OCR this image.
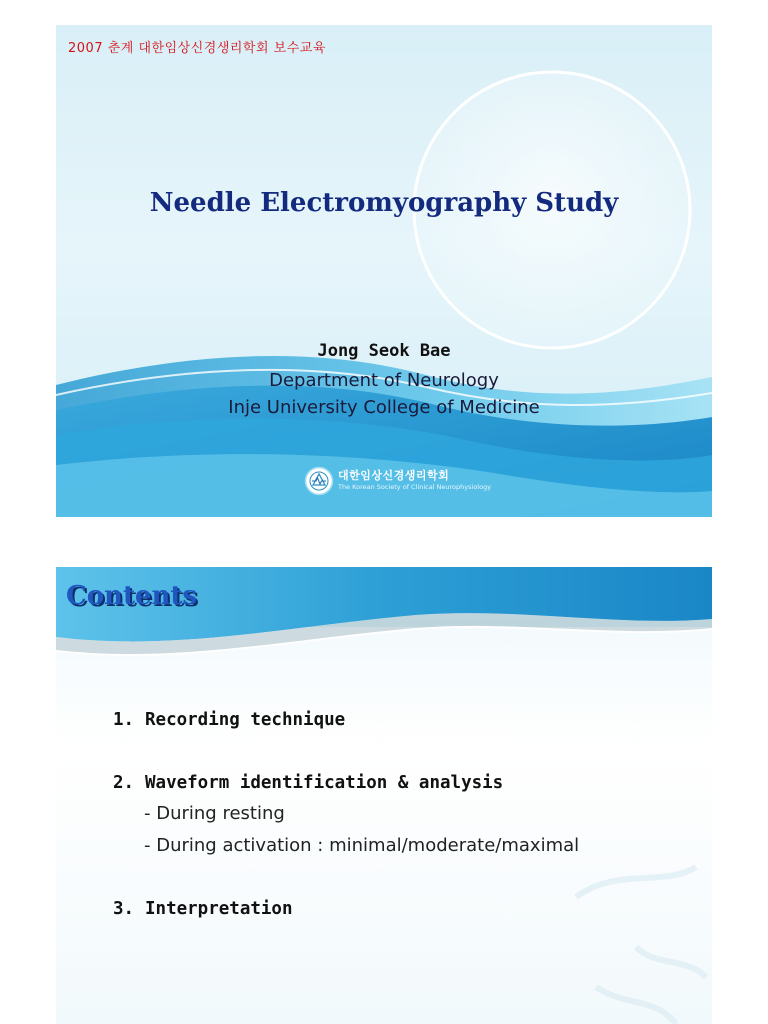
2007 춘계 대한임상신경생리학회 보수교육
Needle Electromyography Study
Jong Seok Bae
Department of Neurology
Inje University College of Medicine
대한임상신경생리학회
The Korean Society of Clinical Neurophysiology
Contents
1. Recording technique
2. Waveform identification & analysis
- During resting
- During activation : minimal/moderate/maximal
3. Interpretation
